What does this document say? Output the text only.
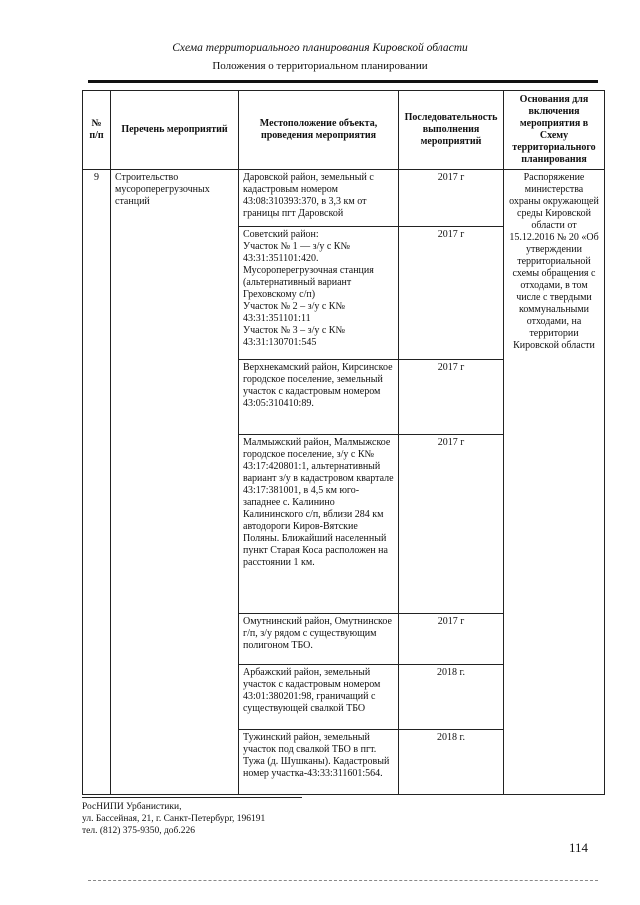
Схема территориального планирования Кировской области
Положения о территориальном планировании
№ п/п	Перечень мероприятий	Местоположение объекта, проведения мероприятия	Последовательность выполнения мероприятий	Основания для включения мероприятия в Схему территориального планирования
9	Строительство мусороперегрузочных станций	Даровской район, земельный с кадастровым номером 43:08:310393:370, в 3,3 км от границы пгт Даровской	2017 г	Распоряжение министерства охраны окружающей среды Кировской области от 15.12.2016 № 20 «Об утверждении территориальной схемы обращения с отходами, в том числе с твердыми коммунальными отходами, на территории Кировской области
		Советский район:
Участок № 1 — з/у с К№ 43:31:351101:420. Мусороперегрузочная станция (альтернативный вариант Греховскому с/п)
Участок № 2 – з/у с К№ 43:31:351101:11
Участок № 3 – з/у с К№ 43:31:130701:545	2017 г	
		Верхнекамский район, Кирсинское городское поселение, земельный участок с кадастровым номером 43:05:310410:89.	2017 г	
		Малмыжский район, Малмыжское городское поселение, з/у с К№ 43:17:420801:1, альтернативный вариант з/у в кадастровом квартале 43:17:381001, в 4,5 км юго-западнее с. Калинино Калининского с/п, вблизи 284 км автодороги Киров-Вятские Поляны. Ближайший населенный пункт Старая Коса расположен на расстоянии 1 км.	2017 г	
		Омутнинский район, Омутнинское г/п, з/у рядом с существующим полигоном ТБО.	2017 г	
		Арбажский район, земельный участок с кадастровым номером 43:01:380201:98, граничащий с существующей свалкой ТБО	2018 г.	
		Тужинский район, земельный участок под свалкой ТБО в пгт. Тужа (д. Шушканы). Кадастровый номер участка-43:33:311601:564.	2018 г.	
РосНИПИ Урбанистики,
ул. Бассейная, 21, г. Санкт-Петербург, 196191
тел. (812) 375-9350, доб.226
114
